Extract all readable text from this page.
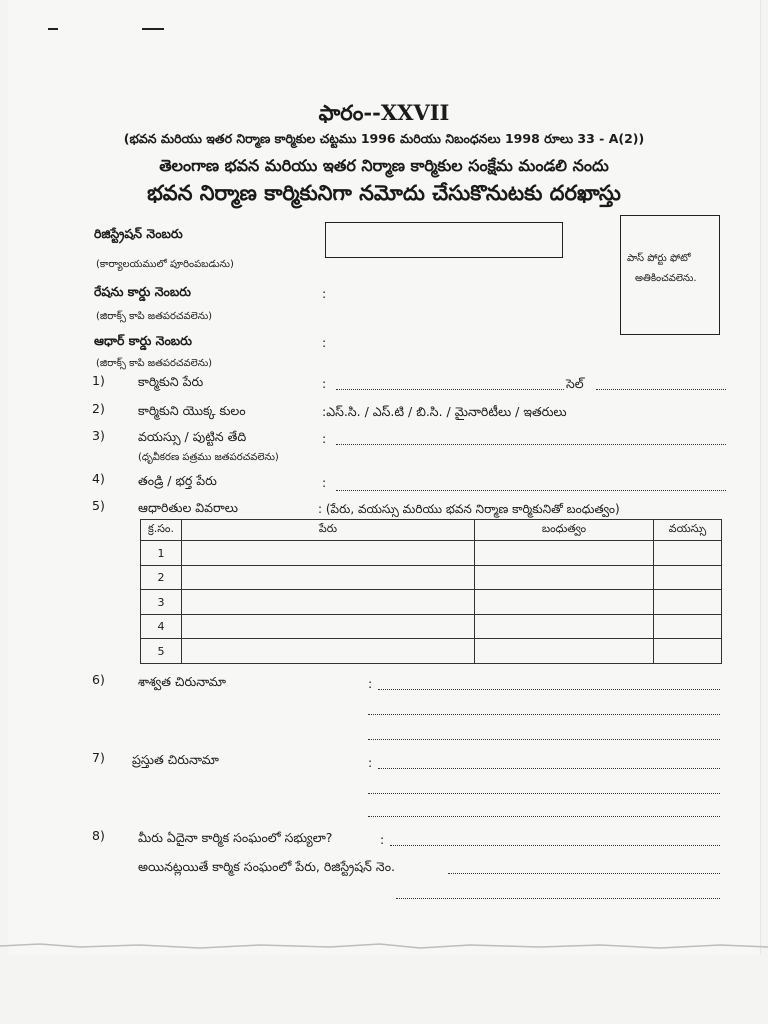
ఫారం--XXVII
(భవన మరియు ఇతర నిర్మాణ కార్మికుల చట్టము 1996 మరియు నిబంధనలు 1998 రూలు 33 - A(2))
తెలంగాణ భవన మరియు ఇతర నిర్మాణ కార్మికుల సంక్షేమ మండలి నందు
భవన నిర్మాణ కార్మికునిగా నమోదు చేసుకొనుటకు దరఖాస్తు
రిజిస్ట్రేషన్ నెంబరు
(కార్యాలయములో పూరింపబడును)
పాస్ పోర్టు ఫోటో
అతికించవలెను.
రేషను కార్డు నెంబరు	:
(జిరాక్స్ కాపి జతపరచవలెను)
ఆధార్ కార్డు నెంబరు	:
(జిరాక్స్ కాపి జతపరచవలెను)
1)	కార్మికుని పేరు	:	సెల్
2)	కార్మికుని యొక్క కులం	:ఎస్.సి. / ఎస్.టి / బి.సి. / మైనారిటీలు / ఇతరులు
3)	వయస్సు / పుట్టిన తేది	:
(ధృవీకరణ పత్రము జతపరచవలెను)
4)	తండ్రి / భర్త పేరు	:
5)	ఆధారితుల వివరాలు	: (పేరు, వయస్సు మరియు భవన నిర్మాణ కార్మికునితో బంధుత్వం)
క్ర.సం.	పేరు	బంధుత్వం	వయస్సు
1			
2			
3			
4			
5			
6)	శాశ్వత చిరునామా	:
7) ప్రస్తుత చిరునామా	:
8)	మీరు ఏదైనా కార్మిక సంఘంలో సభ్యులా?	:
అయినట్లయితే కార్మిక సంఘంలో పేరు, రిజిస్ట్రేషన్ నెం.
